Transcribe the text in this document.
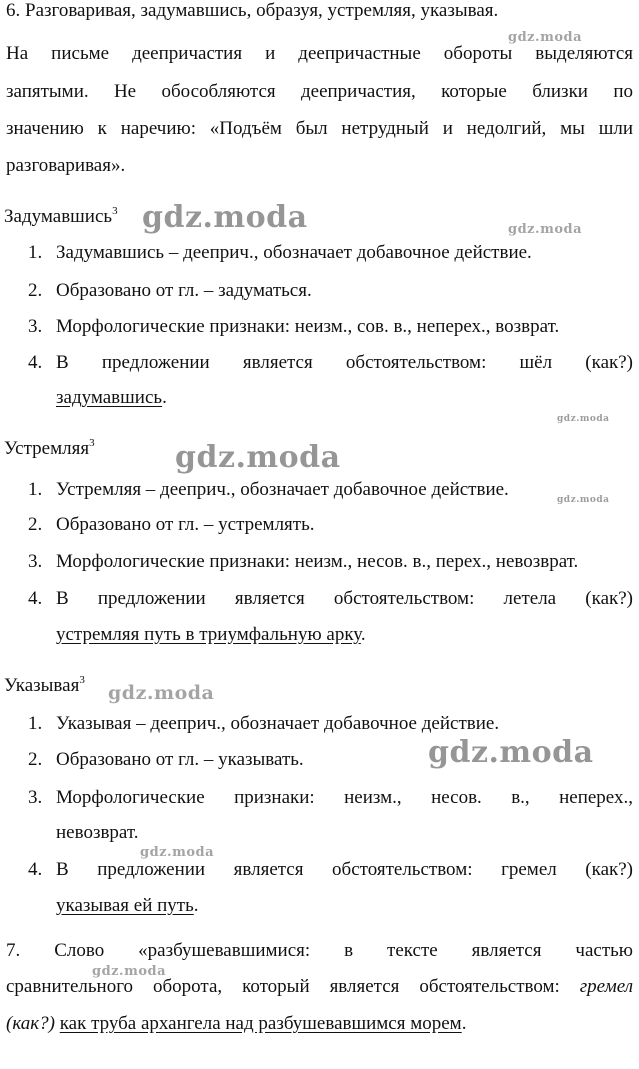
6. Разговаривая, задумавшись, образуя, устремляя, указывая.
На письме деепричастия и деепричастные обороты выделяются
запятыми. Не обособляются деепричастия, которые близки по
значению к наречию: «Подъём был нетрудный и недолгий, мы шли
разговаривая».
Задумавшись$^3$
1. Задумавшись – дееприч., обозначает добавочное действие.
2. Образовано от гл. – задуматься.
3. Морфологические признаки: неизм., сов. в., неперех., возврат.
4. В предложении является обстоятельством: шёл (как?)
задумавшись.
Устремляя$^3$
1. Устремляя – дееприч., обозначает добавочное действие.
2. Образовано от гл. – устремлять.
3. Морфологические признаки: неизм., несов. в., перех., невозврат.
4. В предложении является обстоятельством: летела (как?)
устремляя путь в триумфальную арку.
Указывая$^3$
1. Указывая – дееприч., обозначает добавочное действие.
2. Образовано от гл. – указывать.
3. Морфологические признаки: неизм., несов. в., неперех.,
невозврат.
4. В предложении является обстоятельством: гремел (как?)
указывая ей путь.
7. Слово «разбушевавшимися: в тексте является частью
сравнительного оборота, который является обстоятельством: гремел
(как?) как труба архангела над разбушевавшимся морем.
gdz.moda
gdz.moda	gdz.moda
gdz.moda
gdz.moda
gdz.moda
gdz.moda
gdz.moda
gdz.moda
gdz.moda
